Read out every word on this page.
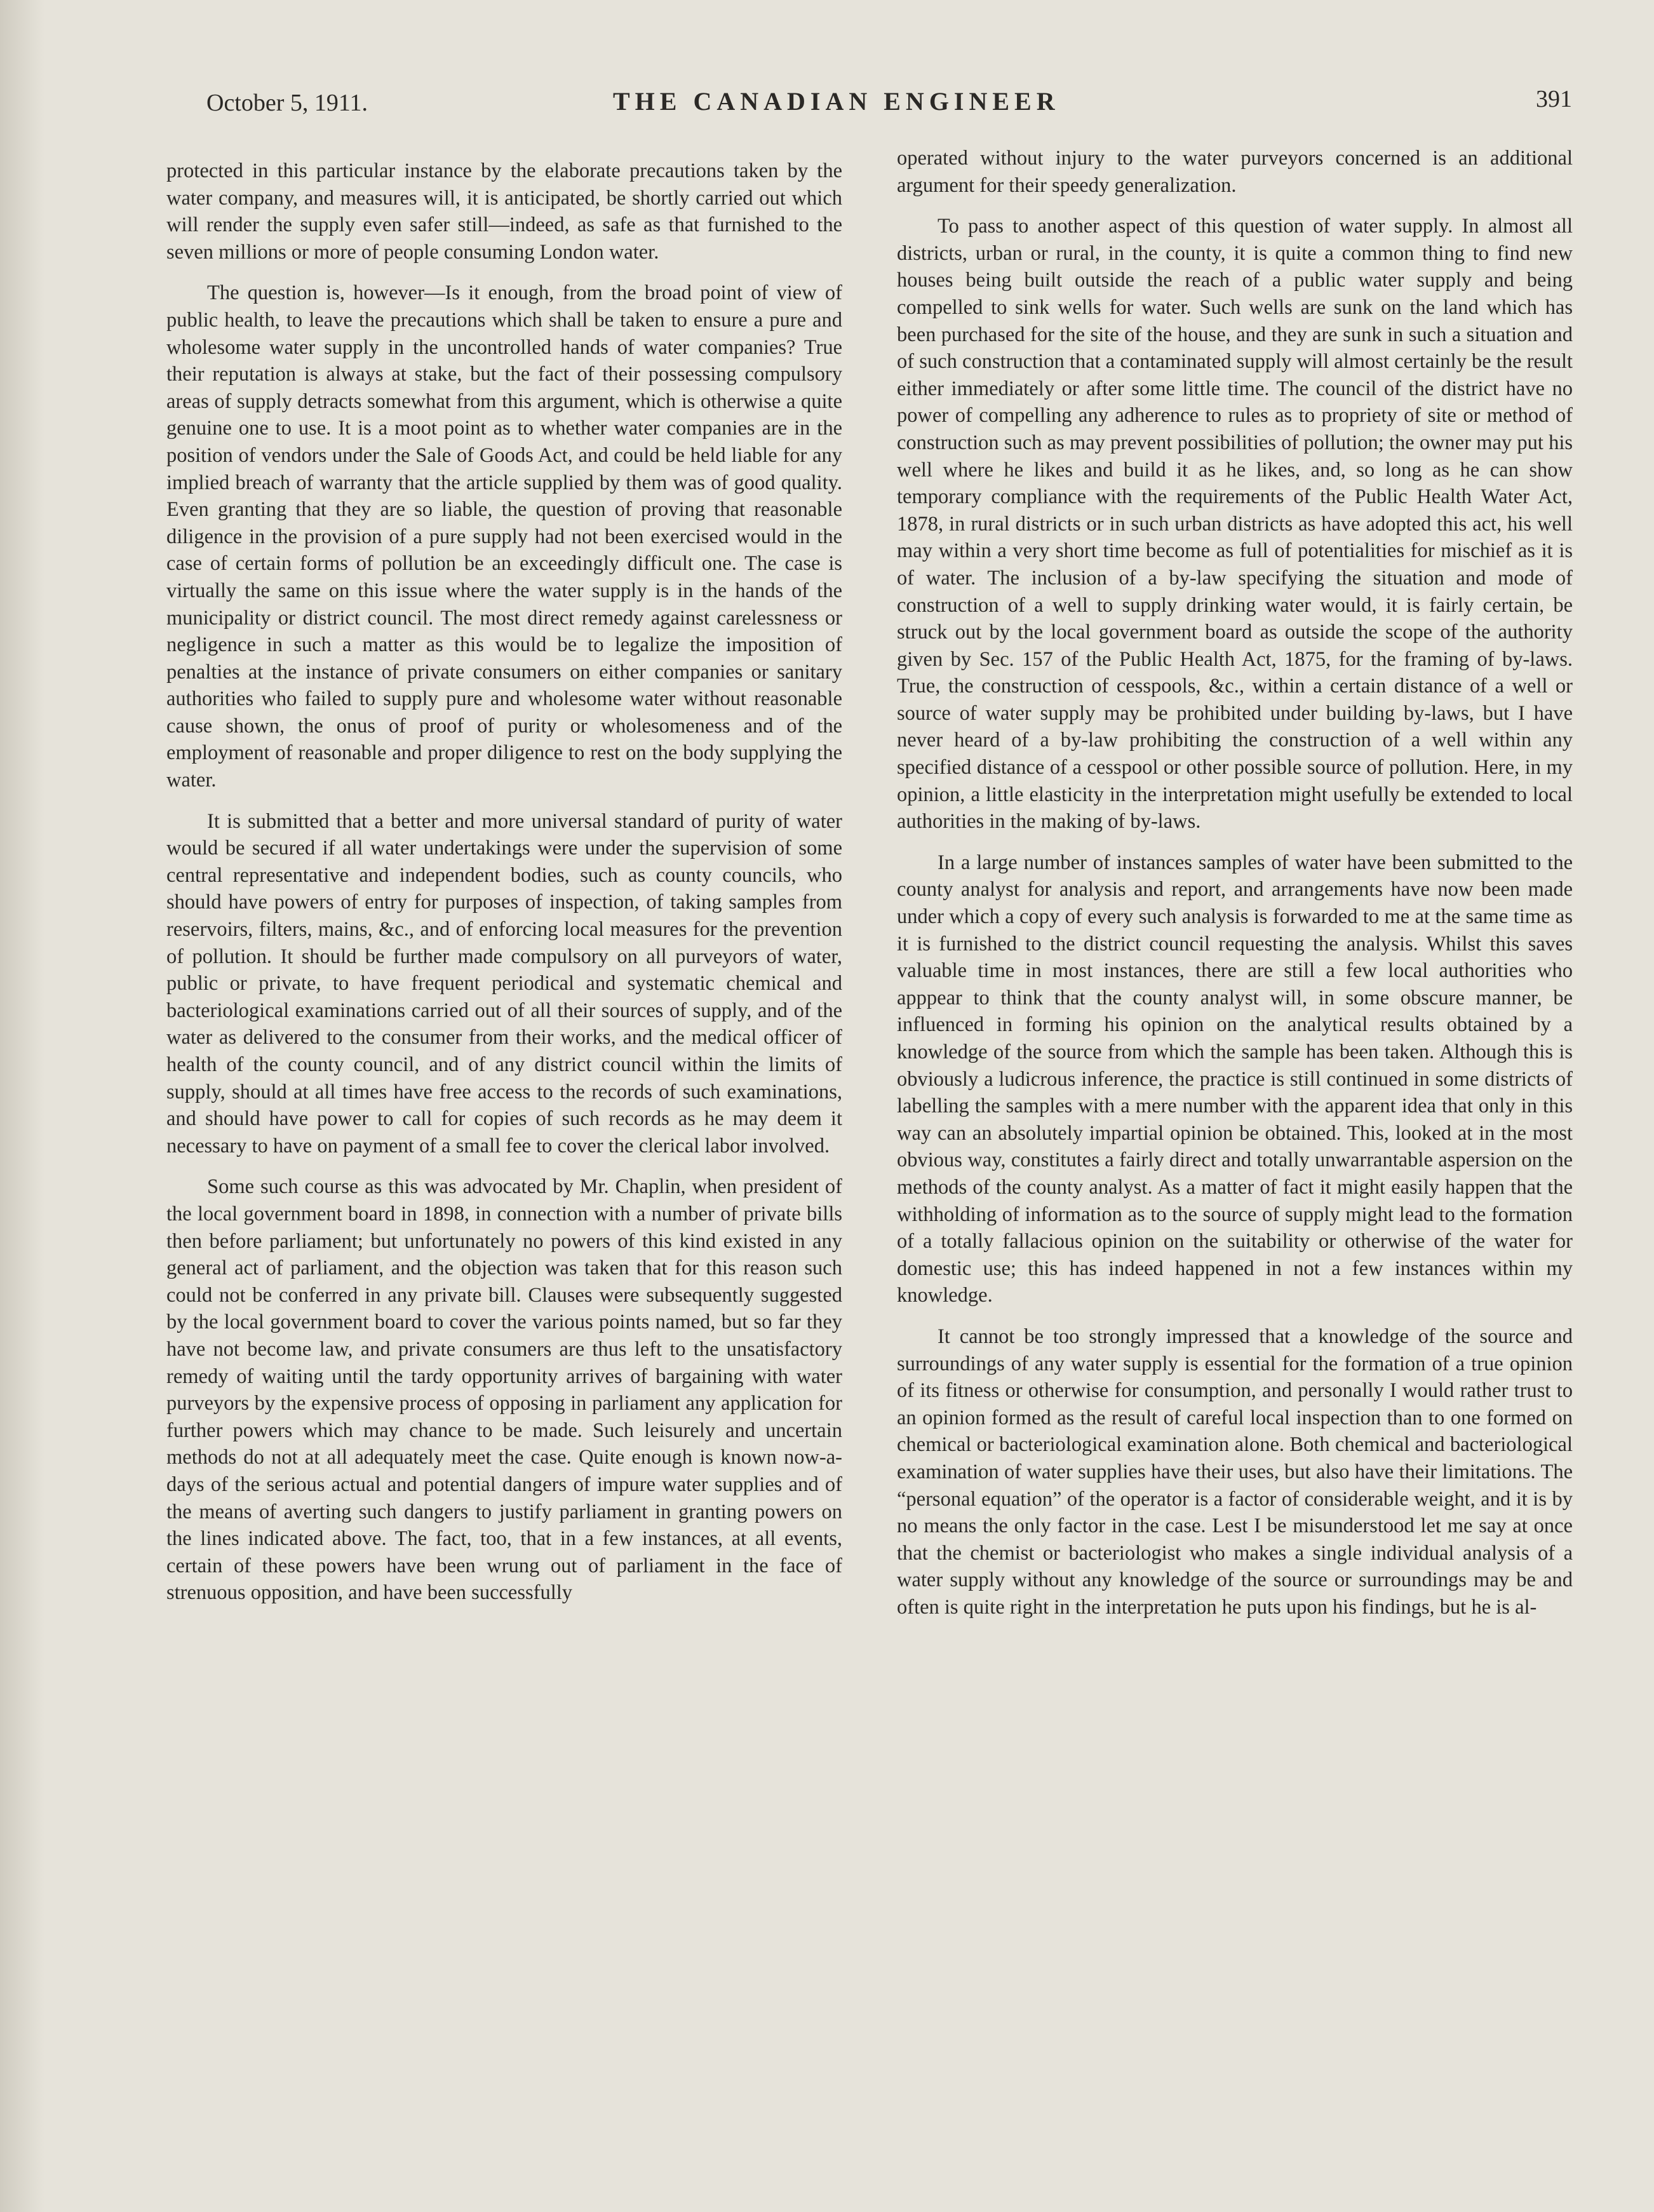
October 5, 1911.	THE CANADIAN ENGINEER	391

protected in this particular instance by the elaborate precautions taken by the water company, and measures will, it is anticipated, be shortly carried out which will render the supply even safer still—indeed, as safe as that furnished to the seven millions or more of people consuming London water.

The question is, however—Is it enough, from the broad point of view of public health, to leave the precautions which shall be taken to ensure a pure and wholesome water supply in the uncontrolled hands of water companies? True their reputation is always at stake, but the fact of their possessing compulsory areas of supply detracts somewhat from this argument, which is otherwise a quite genuine one to use. It is a moot point as to whether water companies are in the position of vendors under the Sale of Goods Act, and could be held liable for any implied breach of warranty that the article supplied by them was of good quality. Even granting that they are so liable, the question of proving that reasonable diligence in the provision of a pure supply had not been exercised would in the case of certain forms of pollution be an exceedingly difficult one. The case is virtually the same on this issue where the water supply is in the hands of the municipality or district council. The most direct remedy against carelessness or negligence in such a matter as this would be to legalize the imposition of penalties at the instance of private consumers on either companies or sanitary authorities who failed to supply pure and wholesome water without reasonable cause shown, the onus of proof of purity or wholesomeness and of the employment of reasonable and proper diligence to rest on the body supplying the water.

It is submitted that a better and more universal standard of purity of water would be secured if all water undertakings were under the supervision of some central representative and independent bodies, such as county councils, who should have powers of entry for purposes of inspection, of taking samples from reservoirs, filters, mains, &c., and of enforcing local measures for the prevention of pollution. It should be further made compulsory on all purveyors of water, public or private, to have frequent periodical and systematic chemical and bacteriological examinations carried out of all their sources of supply, and of the water as delivered to the consumer from their works, and the medical officer of health of the county council, and of any district council within the limits of supply, should at all times have free access to the records of such examinations, and should have power to call for copies of such records as he may deem it necessary to have on payment of a small fee to cover the clerical labor involved.

Some such course as this was advocated by Mr. Chaplin, when president of the local government board in 1898, in connection with a number of private bills then before parliament; but unfortunately no powers of this kind existed in any general act of parliament, and the objection was taken that for this reason such could not be conferred in any private bill. Clauses were subsequently suggested by the local government board to cover the various points named, but so far they have not become law, and private consumers are thus left to the unsatisfactory remedy of waiting until the tardy opportunity arrives of bargaining with water purveyors by the expensive process of opposing in parliament any application for further powers which may chance to be made. Such leisurely and uncertain methods do not at all adequately meet the case. Quite enough is known now-a-days of the serious actual and potential dangers of impure water supplies and of the means of averting such dangers to justify parliament in granting powers on the lines indicated above. The fact, too, that in a few instances, at all events, certain of these powers have been wrung out of parliament in the face of strenuous opposition, and have been successfully

operated without injury to the water purveyors concerned is an additional argument for their speedy generalization.

To pass to another aspect of this question of water supply. In almost all districts, urban or rural, in the county, it is quite a common thing to find new houses being built outside the reach of a public water supply and being compelled to sink wells for water. Such wells are sunk on the land which has been purchased for the site of the house, and they are sunk in such a situation and of such construction that a contaminated supply will almost certainly be the result either immediately or after some little time. The council of the district have no power of compelling any adherence to rules as to propriety of site or method of construction such as may prevent possibilities of pollution; the owner may put his well where he likes and build it as he likes, and, so long as he can show temporary compliance with the requirements of the Public Health Water Act, 1878, in rural districts or in such urban districts as have adopted this act, his well may within a very short time become as full of potentialities for mischief as it is of water. The inclusion of a by-law specifying the situation and mode of construction of a well to supply drinking water would, it is fairly certain, be struck out by the local government board as outside the scope of the authority given by Sec. 157 of the Public Health Act, 1875, for the framing of by-laws. True, the construction of cesspools, &c., within a certain distance of a well or source of water supply may be prohibited under building by-laws, but I have never heard of a by-law prohibiting the construction of a well within any specified distance of a cesspool or other possible source of pollution. Here, in my opinion, a little elasticity in the interpretation might usefully be extended to local authorities in the making of by-laws.

In a large number of instances samples of water have been submitted to the county analyst for analysis and report, and arrangements have now been made under which a copy of every such analysis is forwarded to me at the same time as it is furnished to the district council requesting the analysis. Whilst this saves valuable time in most instances, there are still a few local authorities who apppear to think that the county analyst will, in some obscure manner, be influenced in forming his opinion on the analytical results obtained by a knowledge of the source from which the sample has been taken. Although this is obviously a ludicrous inference, the practice is still continued in some districts of labelling the samples with a mere number with the apparent idea that only in this way can an absolutely impartial opinion be obtained. This, looked at in the most obvious way, constitutes a fairly direct and totally unwarrantable aspersion on the methods of the county analyst. As a matter of fact it might easily happen that the withholding of information as to the source of supply might lead to the formation of a totally fallacious opinion on the suitability or otherwise of the water for domestic use; this has indeed happened in not a few instances within my knowledge.

It cannot be too strongly impressed that a knowledge of the source and surroundings of any water supply is essential for the formation of a true opinion of its fitness or otherwise for consumption, and personally I would rather trust to an opinion formed as the result of careful local inspection than to one formed on chemical or bacteriological examination alone. Both chemical and bacteriological examination of water supplies have their uses, but also have their limitations. The “personal equation” of the operator is a factor of considerable weight, and it is by no means the only factor in the case. Lest I be misunderstood let me say at once that the chemist or bacteriologist who makes a single individual analysis of a water supply without any knowledge of the source or surroundings may be and often is quite right in the interpretation he puts upon his findings, but he is al-
